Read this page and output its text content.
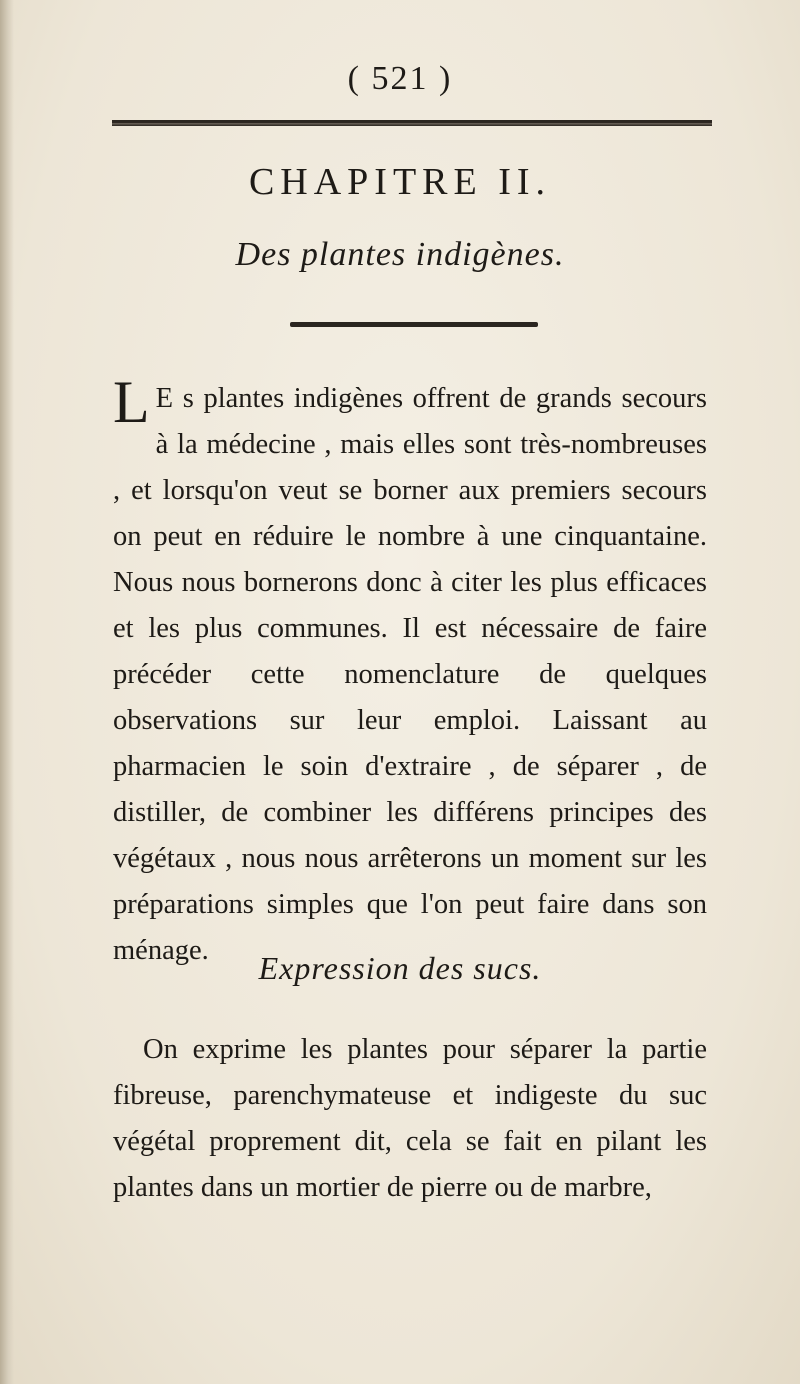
( 521 )
CHAPITRE II.
Des plantes indigènes.
L E s plantes indigènes offrent de grands secours à la médecine , mais elles sont très-nombreuses , et lorsqu'on veut se borner aux premiers secours on peut en réduire le nombre à une cinquantaine. Nous nous bornerons donc à citer les plus efficaces et les plus communes. Il est nécessaire de faire précéder cette nomenclature de quelques observations sur leur emploi. Laissant au pharmacien le soin d'extraire , de séparer , de distiller, de combiner les différens principes des végétaux , nous nous arrêterons un moment sur les préparations simples que l'on peut faire dans son ménage.	Expression des sucs.
On exprime les plantes pour séparer la partie fibreuse, parenchymateuse et indigeste du suc végétal proprement dit, cela se fait en pilant les plantes dans un mortier de pierre ou de marbre,
